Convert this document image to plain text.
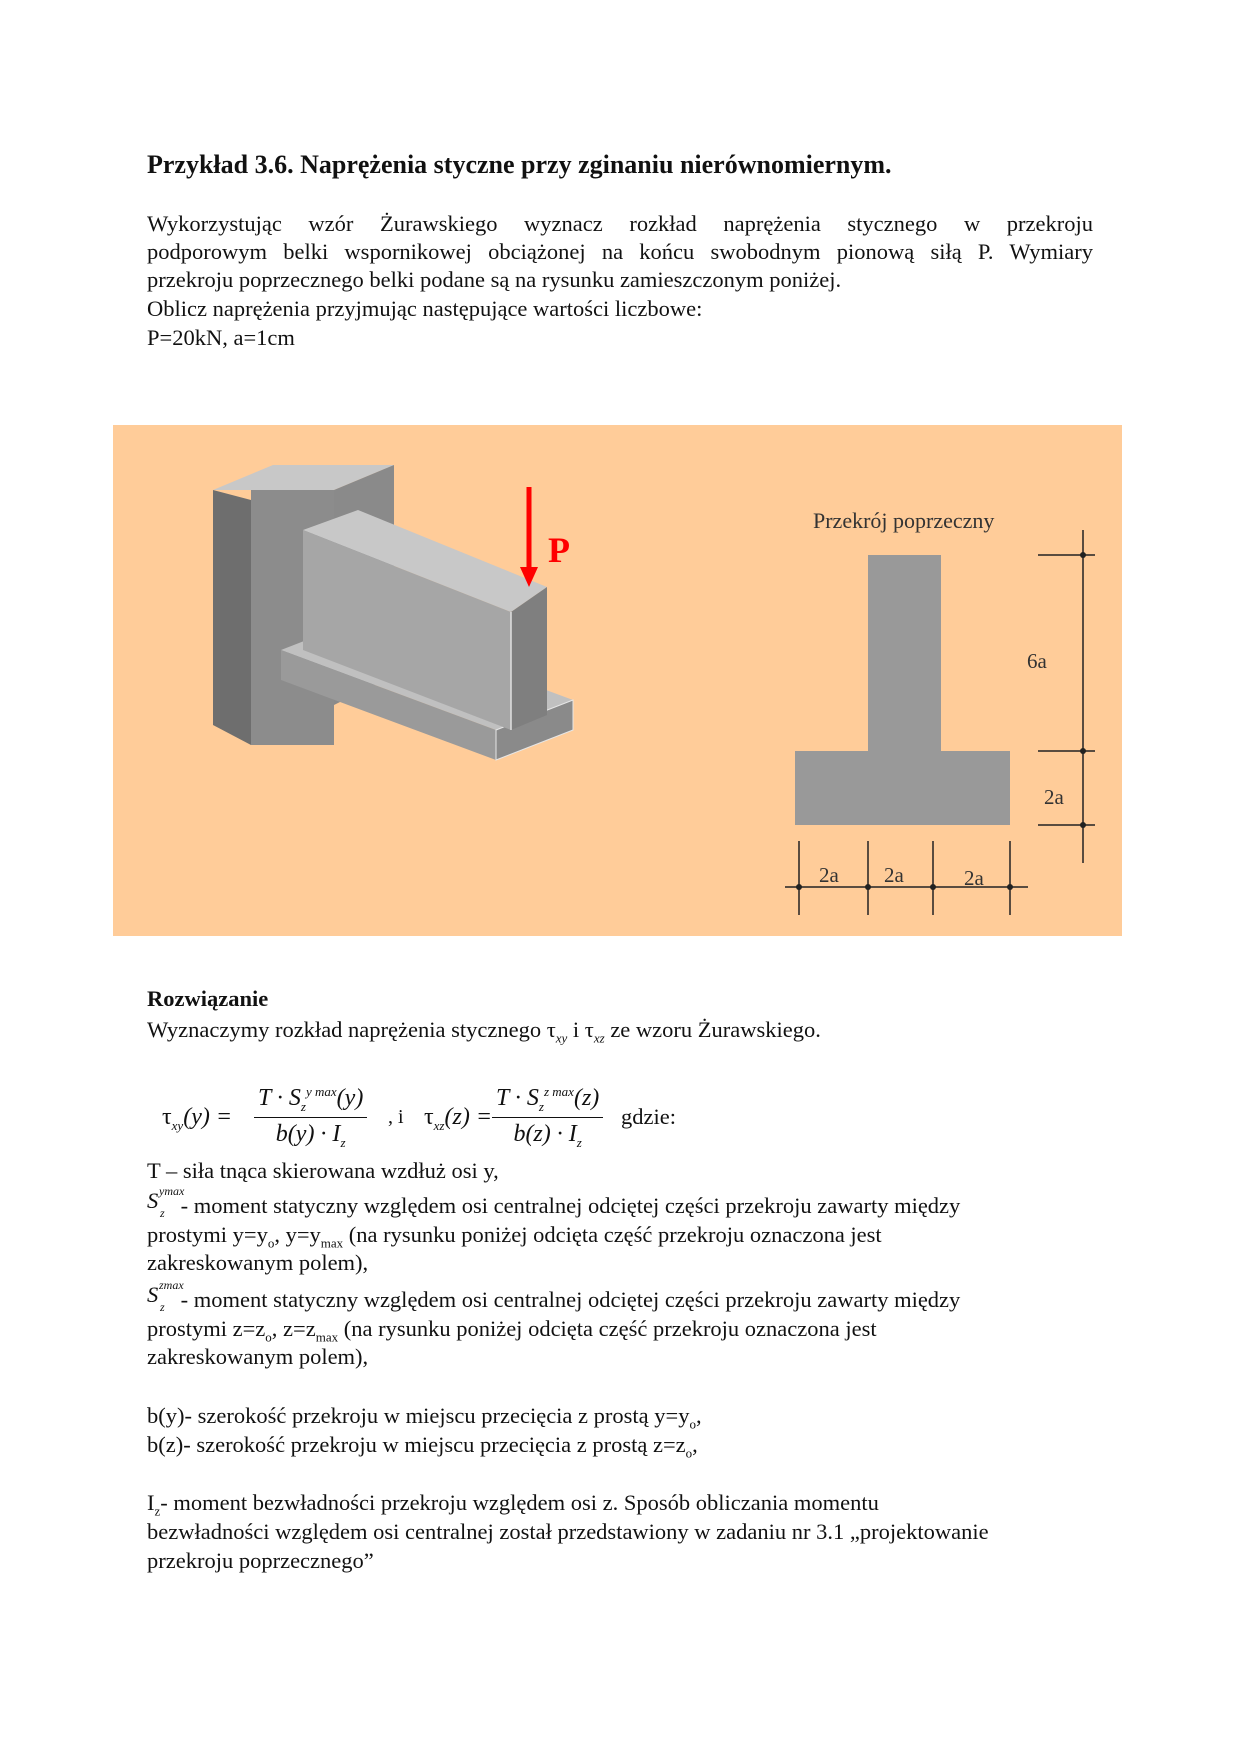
Przykład 3.6. Naprężenia styczne przy zginaniu nierównomiernym.
Wykorzystując wzór Żurawskiego wyznacz rozkład naprężenia stycznego w przekroju
podporowym belki wspornikowej obciążonej na końcu swobodnym pionową siłą P. Wymiary
przekroju poprzecznego belki podane są na rysunku zamieszczonym poniżej.
Oblicz naprężenia przyjmując następujące wartości liczbowe:
P=20kN, a=1cm
P
Przekrój poprzeczny
6a
2a
2a 2a	2a
Rozwiązanie
Wyznaczymy rozkład naprężenia stycznego $\tau_{xy}$ i $\tau_{xz}$ ze wzoru Żurawskiego.
$\tau_{xy}(y)$ =
$T \cdot S_z^{y max}(y)$
$b(y) \cdot I_z$
, i $\tau_{xz}(z)$ =
$T \cdot S_z^{z max}(z)$
$b(z) \cdot I_z$
gdzie:
T – siła tnąca skierowana wzdłuż osi y,
S ymax
z - moment statyczny względem osi centralnej odciętej części przekroju zawarty między
prostymi $y=y_o$, $y=y_{max}$ (na rysunku poniżej odcięta część przekroju oznaczona jest
zakreskowanym polem),
S zmax
z - moment statyczny względem osi centralnej odciętej części przekroju zawarty między
prostymi $z=z_o$, $z=z_{max}$ (na rysunku poniżej odcięta część przekroju oznaczona jest
zakreskowanym polem),
b(y)- szerokość przekroju w miejscu przecięcia z prostą $y=y_o$,
b(z)- szerokość przekroju w miejscu przecięcia z prostą $z=z_o$,
$I_z-$ moment bezwładności przekroju względem osi z. Sposób obliczania momentu
bezwładności względem osi centralnej został przedstawiony w zadaniu nr 3.1 „projektowanie
przekroju poprzecznego”
